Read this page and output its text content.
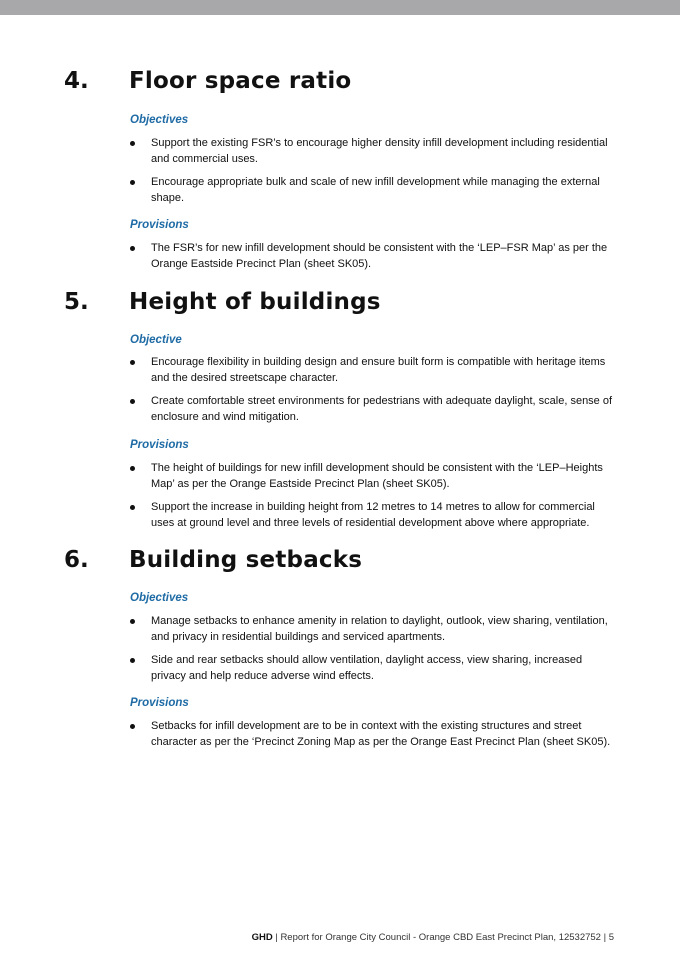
4. Floor space ratio
Objectives
Support the existing FSR’s to encourage higher density infill development including residential and commercial uses.
Encourage appropriate bulk and scale of new infill development while managing the external shape.
Provisions
The FSR’s for new infill development should be consistent with the ‘LEP–FSR Map’ as per the Orange Eastside Precinct Plan (sheet SK05).
5. Height of buildings
Objective
Encourage flexibility in building design and ensure built form is compatible with heritage items and the desired streetscape character.
Create comfortable street environments for pedestrians with adequate daylight, scale, sense of enclosure and wind mitigation.
Provisions
The height of buildings for new infill development should be consistent with the ‘LEP–Heights Map’ as per the Orange Eastside Precinct Plan (sheet SK05).
Support the increase in building height from 12 metres to 14 metres to allow for commercial uses at ground level and three levels of residential development above where appropriate.
6. Building setbacks
Objectives
Manage setbacks to enhance amenity in relation to daylight, outlook, view sharing, ventilation, and privacy in residential buildings and serviced apartments.
Side and rear setbacks should allow ventilation, daylight access, view sharing, increased privacy and help reduce adverse wind effects.
Provisions
Setbacks for infill development are to be in context with the existing structures and street character as per the ‘Precinct Zoning Map as per the Orange East Precinct Plan (sheet SK05).
GHD | Report for Orange City Council - Orange CBD East Precinct Plan, 12532752 | 5
